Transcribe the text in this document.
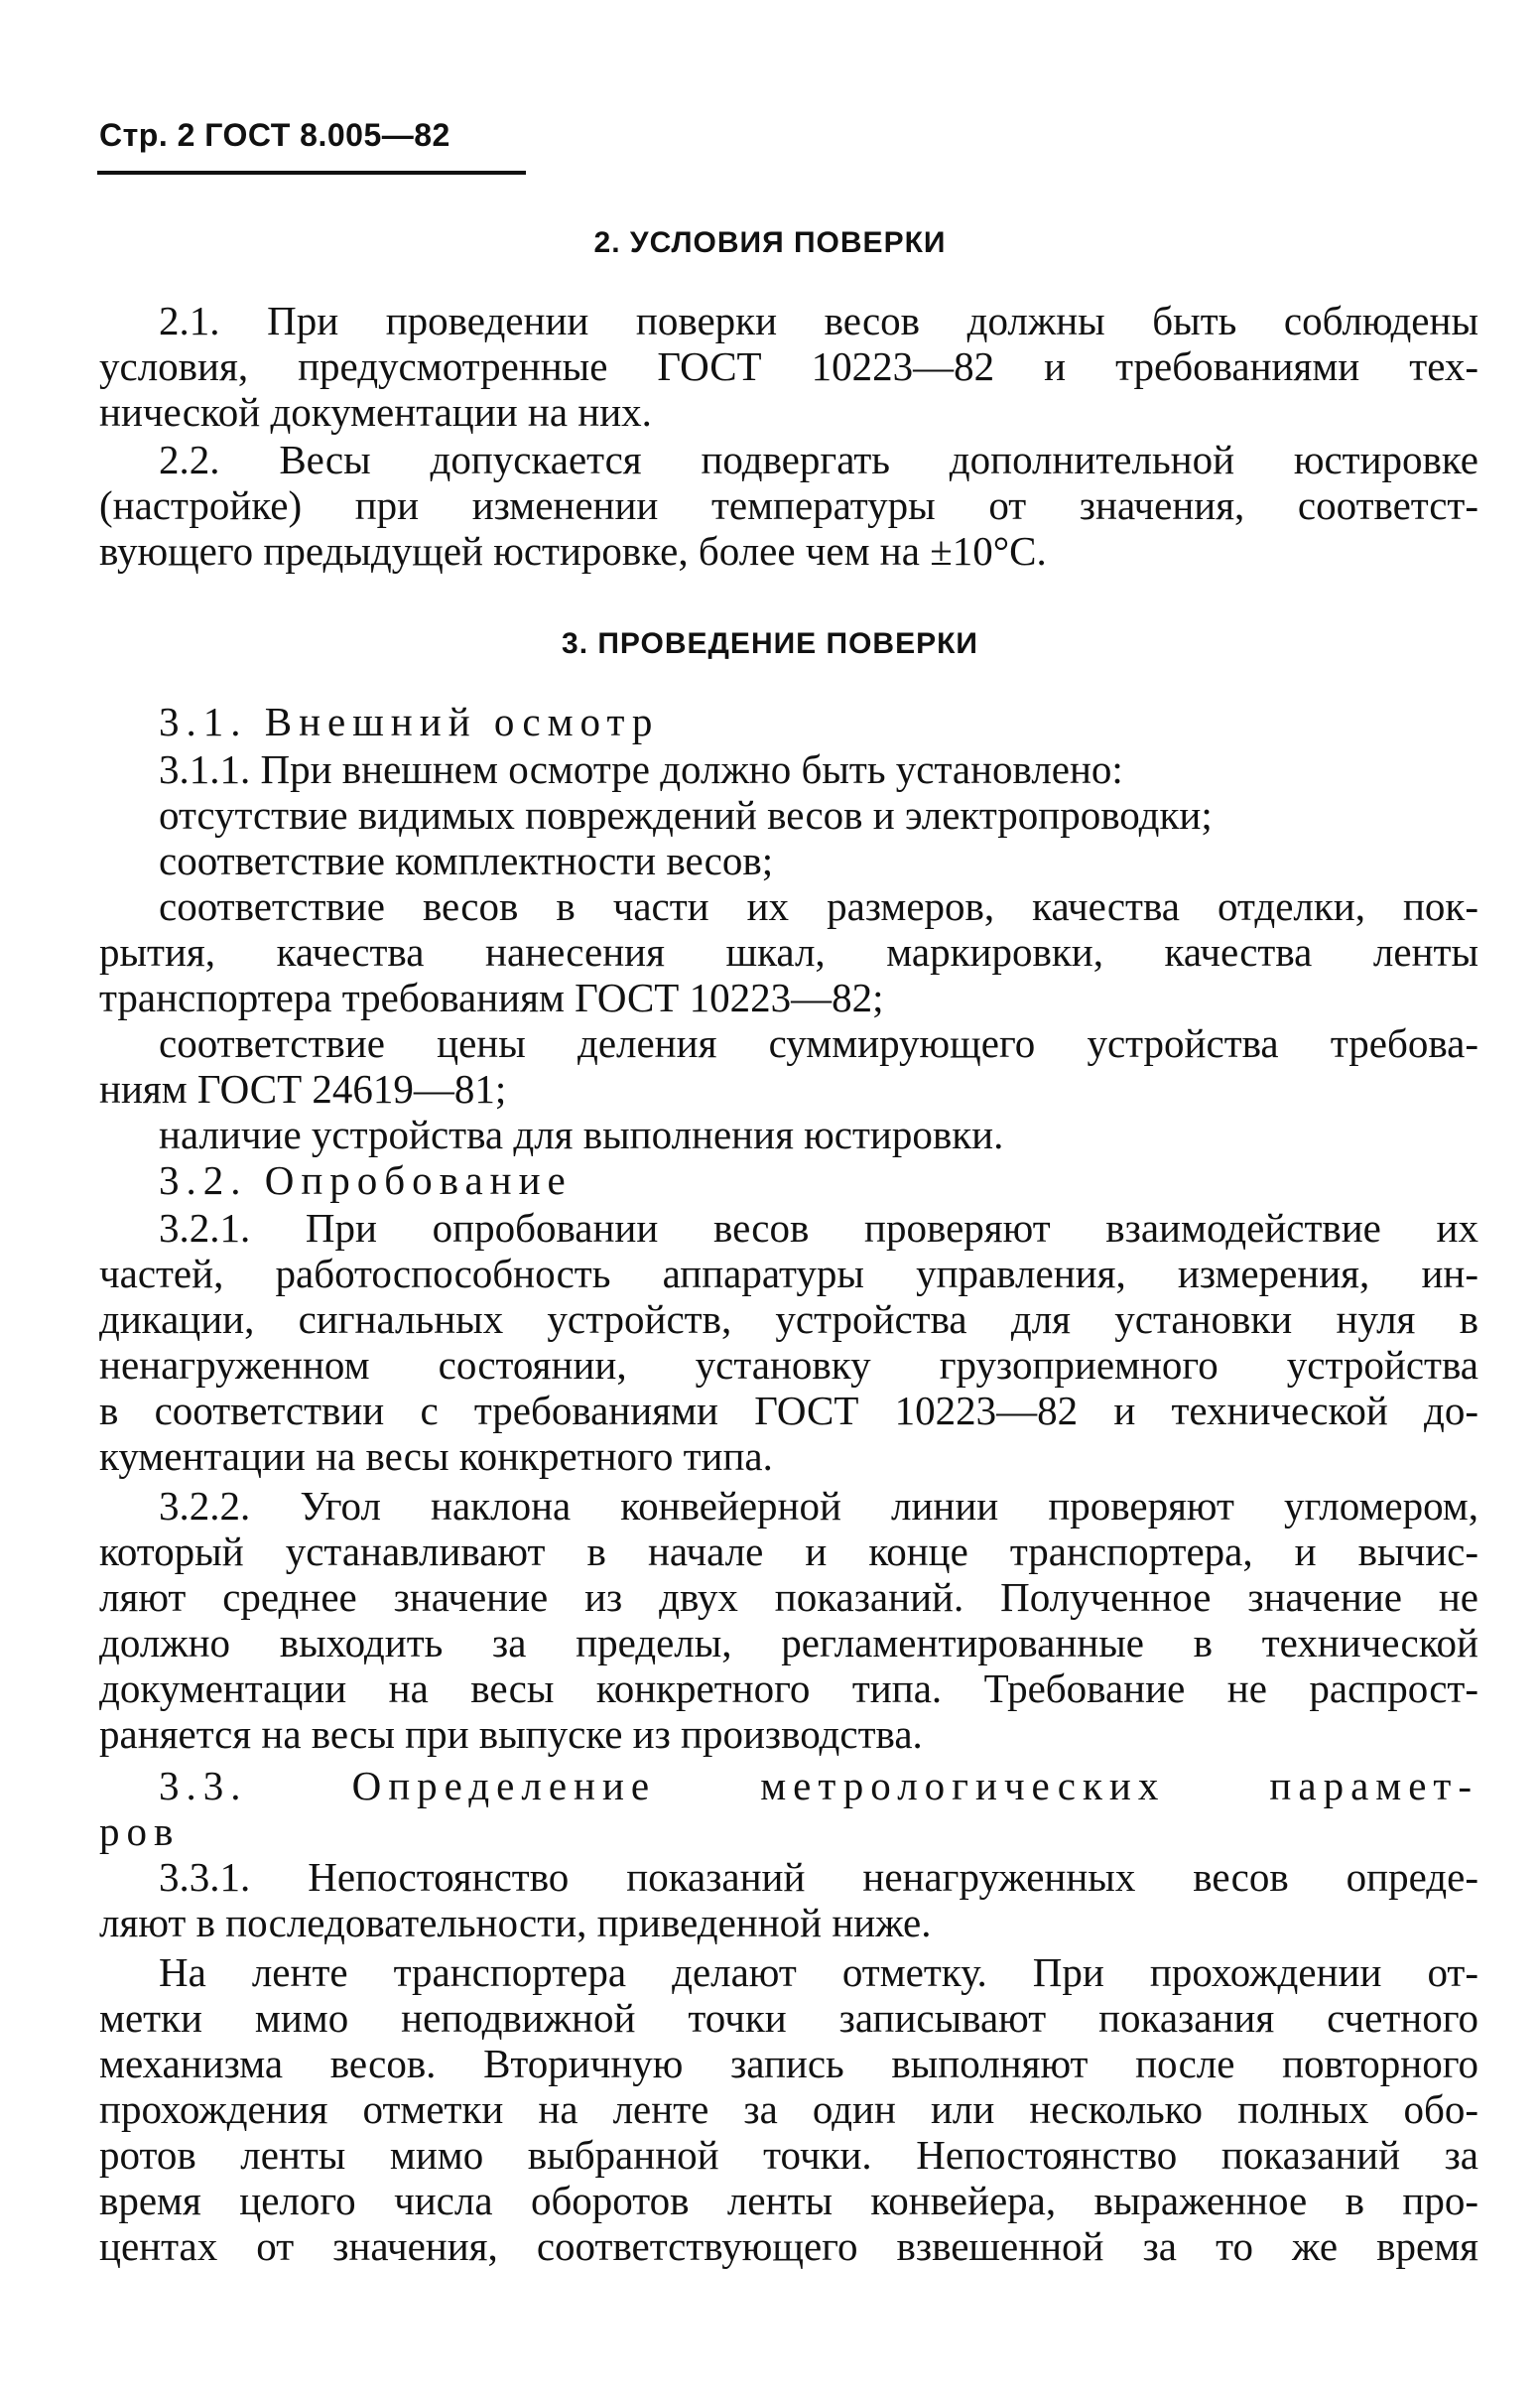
Стр. 2 ГОСТ 8.005—82
2. УСЛОВИЯ ПОВЕРКИ
2.1. При проведении поверки весов должны быть соблюдены
условия, предусмотренные ГОСТ 10223—82 и требованиями тех-
нической документации на них.
2.2. Весы допускается подвергать дополнительной юстировке
(настройке) при изменении температуры от значения, соответст-
вующего предыдущей юстировке, более чем на ±10°С.
3. ПРОВЕДЕНИЕ ПОВЕРКИ
3.1. Внешний осмотр
3.1.1. При внешнем осмотре должно быть установлено:
отсутствие видимых повреждений весов и электропроводки;
соответствие комплектности весов;
соответствие весов в части их размеров, качества отделки, пок-
рытия, качества нанесения шкал, маркировки, качества ленты
транспортера требованиям ГОСТ 10223—82;
соответствие цены деления суммирующего устройства требова-
ниям ГОСТ 24619—81;
наличие устройства для выполнения юстировки.
3.2. Опробование
3.2.1. При опробовании весов проверяют взаимодействие их
частей, работоспособность аппаратуры управления, измерения, ин-
дикации, сигнальных устройств, устройства для установки нуля в
ненагруженном состоянии, установку грузоприемного устройства
в соответствии с требованиями ГОСТ 10223—82 и технической до-
кументации на весы конкретного типа.
3.2.2. Угол наклона конвейерной линии проверяют угломером,
который устанавливают в начале и конце транспортера, и вычис-
ляют среднее значение из двух показаний. Полученное значение не
должно выходить за пределы, регламентированные в технической
документации на весы конкретного типа. Требование не распрост-
раняется на весы при выпуске из производства.
3.3. Определение метрологических парамет-
ров
3.3.1. Непостоянство показаний ненагруженных весов опреде-
ляют в последовательности, приведенной ниже.
На ленте транспортера делают отметку. При прохождении от-
метки мимо неподвижной точки записывают показания счетного
механизма весов. Вторичную запись выполняют после повторного
прохождения отметки на ленте за один или несколько полных обо-
ротов ленты мимо выбранной точки. Непостоянство показаний за
время целого числа оборотов ленты конвейера, выраженное в про-
центах от значения, соответствующего взвешенной за то же время
